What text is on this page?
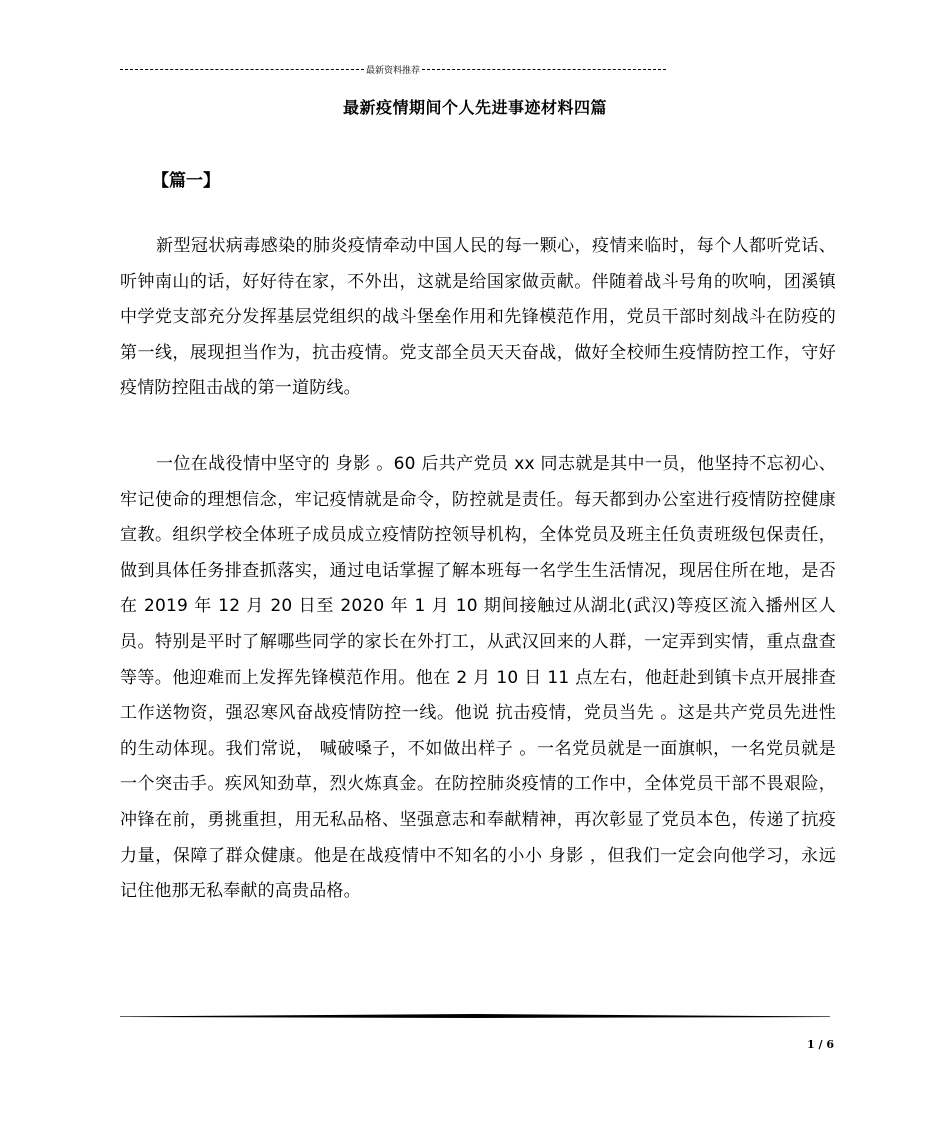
最新资料推荐
最新疫情期间个人先进事迹材料四篇
【篇一】
新型冠状病毒感染的肺炎疫情牵动中国人民的每一颗心，疫情来临时，每个人都听党话、听钟南山的话，好好待在家，不外出，这就是给国家做贡献。伴随着战斗号角的吹响，团溪镇中学党支部充分发挥基层党组织的战斗堡垒作用和先锋模范作用，党员干部时刻战斗在防疫的第一线，展现担当作为，抗击疫情。党支部全员天天奋战，做好全校师生疫情防控工作，守好疫情防控阻击战的第一道防线。
一位在战役情中坚守的 身影 。60 后共产党员 xx 同志就是其中一员，他坚持不忘初心、牢记使命的理想信念，牢记疫情就是命令，防控就是责任。每天都到办公室进行疫情防控健康宣教。组织学校全体班子成员成立疫情防控领导机构，全体党员及班主任负责班级包保责任，做到具体任务排查抓落实，通过电话掌握了解本班每一名学生生活情况，现居住所在地，是否在 2019 年 12 月 20 日至 2020 年 1 月 10 期间接触过从湖北(武汉)等疫区流入播州区人员。特别是平时了解哪些同学的家长在外打工，从武汉回来的人群，一定弄到实情，重点盘查等等。他迎难而上发挥先锋模范作用。他在 2 月 10 日 11 点左右，他赶赴到镇卡点开展排查工作送物资，强忍寒风奋战疫情防控一线。他说 抗击疫情，党员当先 。这是共产党员先进性的生动体现。我们常说， 喊破嗓子，不如做出样子 。一名党员就是一面旗帜，一名党员就是一个突击手。疾风知劲草，烈火炼真金。在防控肺炎疫情的工作中，全体党员干部不畏艰险，冲锋在前，勇挑重担，用无私品格、坚强意志和奉献精神，再次彰显了党员本色，传递了抗疫力量，保障了群众健康。他是在战疫情中不知名的小小 身影 ，但我们一定会向他学习，永远记住他那无私奉献的高贵品格。
1 / 6
